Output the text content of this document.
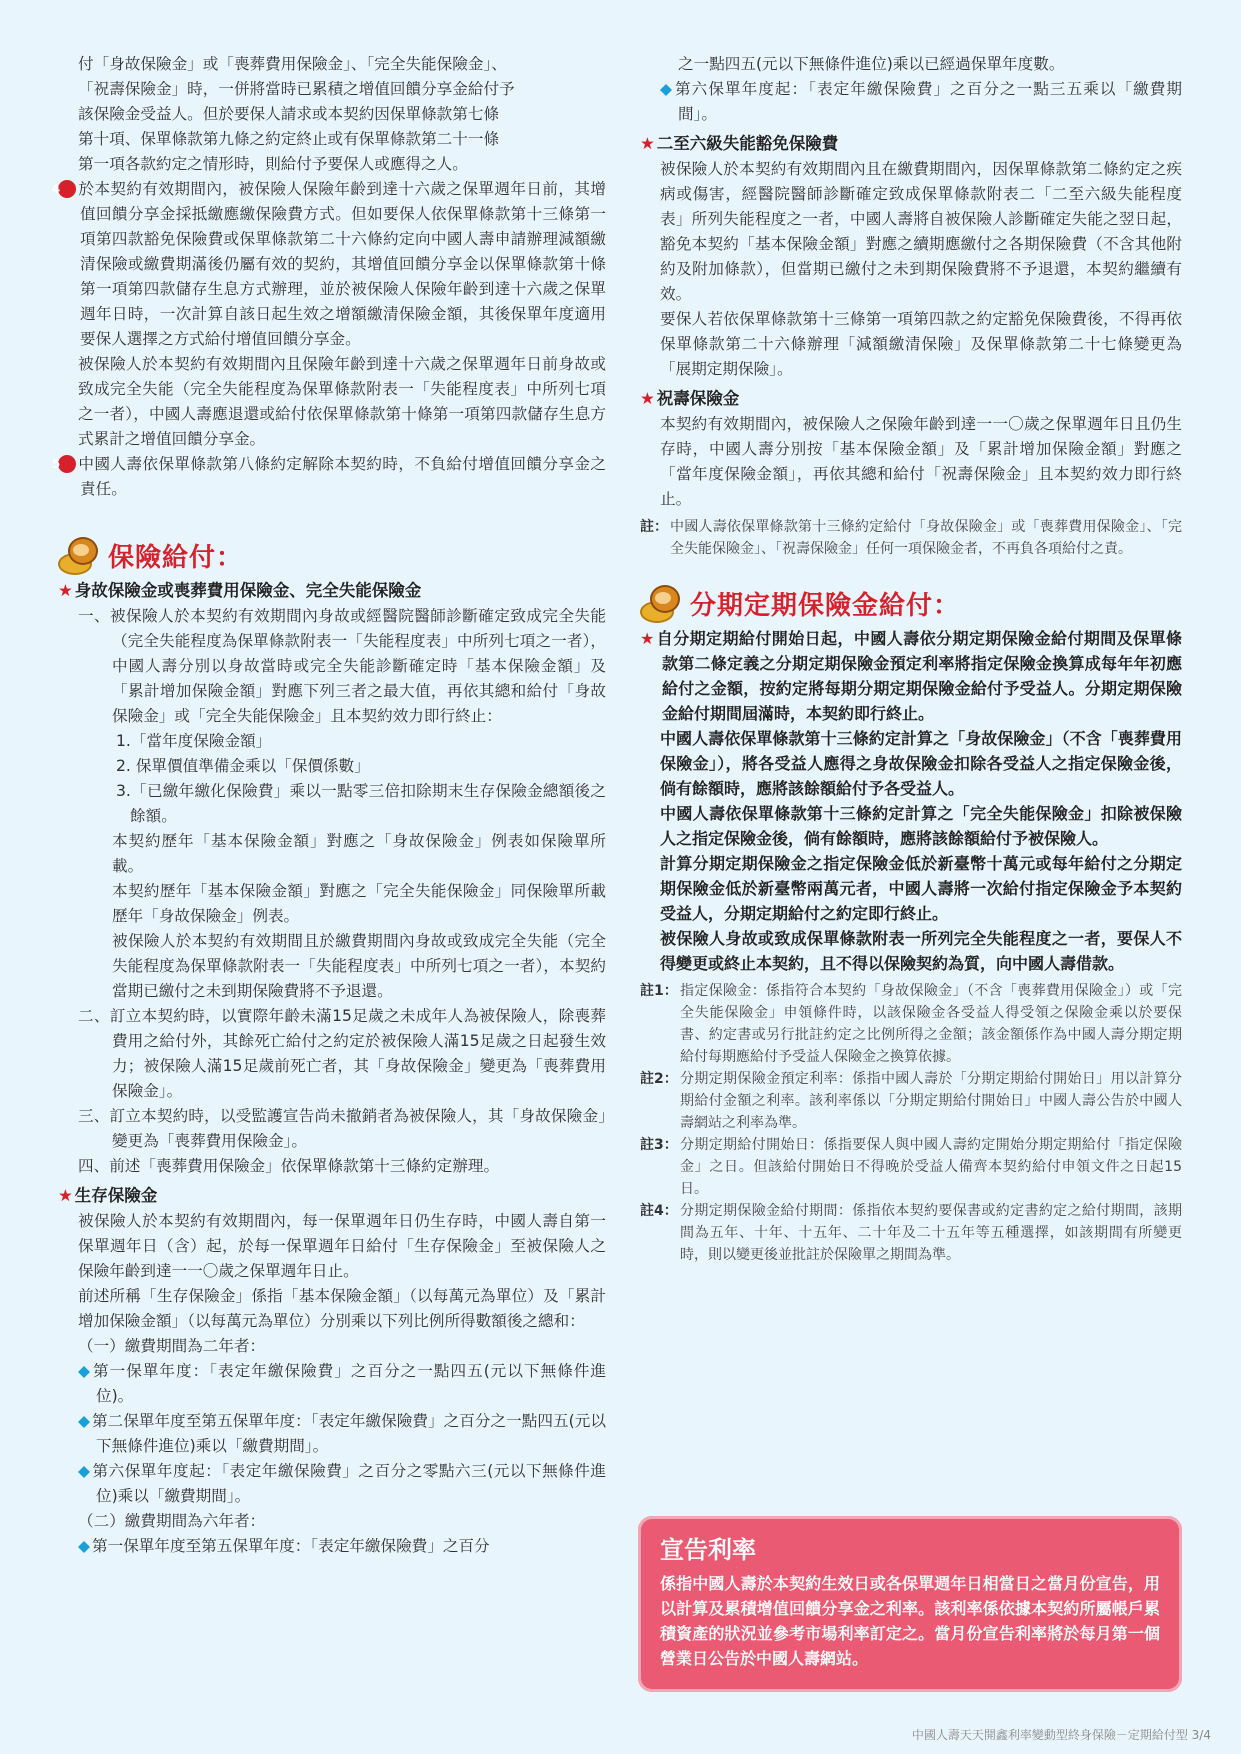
付「身故保險金」或「喪葬費用保險金」、「完全失能保險金」、

「祝壽保險金」時，一併將當時已累積之增值回饋分享金給付予

該保險金受益人。但於要保人請求或本契約因保單條款第七條

第十項、保單條款第九條之約定終止或有保單條款第二十一條

第一項各款約定之情形時，則給付予要保人或應得之人。

4 於本契約有效期間內，被保險人保險年齡到達十六歲之保單週年日前，其增值回饋分享金採抵繳應繳保險費方式。但如要保人依保單條款第十三條第一項第四款豁免保險費或保單條款第二十六條約定向中國人壽申請辦理減額繳清保險或繳費期滿後仍屬有效的契約，其增值回饋分享金以保單條款第十條第一項第四款儲存生息方式辦理，並於被保險人保險年齡到達十六歲之保單週年日時，一次計算自該日起生效之增額繳清保險金額，其後保單年度適用要保人選擇之方式給付增值回饋分享金。

被保險人於本契約有效期間內且保險年齡到達十六歲之保單週年日前身故或致成完全失能（完全失能程度為保單條款附表一「失能程度表」中所列七項之一者），中國人壽應退還或給付依保單條款第十條第一項第四款儲存生息方式累計之增值回饋分享金。

5 中國人壽依保單條款第八條約定解除本契約時，不負給付增值回饋分享金之責任。

保險給付：

★ 身故保險金或喪葬費用保險金、完全失能保險金

一、被保險人於本契約有效期間內身故或經醫院醫師診斷確定致成完全失能（完全失能程度為保單條款附表一「失能程度表」中所列七項之一者），中國人壽分別以身故當時或完全失能診斷確定時「基本保險金額」及「累計增加保險金額」對應下列三者之最大值，再依其總和給付「身故保險金」或「完全失能保險金」且本契約效力即行終止：

1.「當年度保險金額」

2. 保單價值準備金乘以「保價係數」

3.「已繳年繳化保險費」乘以一點零三倍扣除期末生存保險金總額後之餘額。

本契約歷年「基本保險金額」對應之「身故保險金」例表如保險單所載。

本契約歷年「基本保險金額」對應之「完全失能保險金」同保險單所載歷年「身故保險金」例表。

被保險人於本契約有效期間且於繳費期間內身故或致成完全失能（完全失能程度為保單條款附表一「失能程度表」中所列七項之一者），本契約當期已繳付之未到期保險費將不予退還。

二、訂立本契約時，以實際年齡未滿15足歲之未成年人為被保險人，除喪葬費用之給付外，其餘死亡給付之約定於被保險人滿15足歲之日起發生效力；被保險人滿15足歲前死亡者，其「身故保險金」變更為「喪葬費用保險金」。

三、訂立本契約時，以受監護宣告尚未撤銷者為被保險人，其「身故保險金」變更為「喪葬費用保險金」。

四、前述「喪葬費用保險金」依保單條款第十三條約定辦理。

★ 生存保險金

被保險人於本契約有效期間內，每一保單週年日仍生存時，中國人壽自第一保單週年日（含）起，於每一保單週年日給付「生存保險金」至被保險人之保險年齡到達一一〇歲之保單週年日止。

前述所稱「生存保險金」係指「基本保險金額」（以每萬元為單位）及「累計增加保險金額」（以每萬元為單位）分別乘以下列比例所得數額後之總和：

（一）繳費期間為二年者：

◆ 第一保單年度：「表定年繳保險費」之百分之一點四五(元以下無條件進位)。

◆ 第二保單年度至第五保單年度：「表定年繳保險費」之百分之一點四五(元以下無條件進位)乘以「繳費期間」。

◆ 第六保單年度起：「表定年繳保險費」之百分之零點六三(元以下無條件進位)乘以「繳費期間」。

（二）繳費期間為六年者：

◆ 第一保單年度至第五保單年度：「表定年繳保險費」之百分

之一點四五(元以下無條件進位)乘以已經過保單年度數。

◆ 第六保單年度起：「表定年繳保險費」之百分之一點三五乘以「繳費期間」。

★ 二至六級失能豁免保險費

被保險人於本契約有效期間內且在繳費期間內，因保單條款第二條約定之疾病或傷害，經醫院醫師診斷確定致成保單條款附表二「二至六級失能程度表」所列失能程度之一者，中國人壽將自被保險人診斷確定失能之翌日起，豁免本契約「基本保險金額」對應之續期應繳付之各期保險費（不含其他附約及附加條款），但當期已繳付之未到期保險費將不予退還，本契約繼續有效。

要保人若依保單條款第十三條第一項第四款之約定豁免保險費後，不得再依保單條款第二十六條辦理「減額繳清保險」及保單條款第二十七條變更為「展期定期保險」。

★ 祝壽保險金

本契約有效期間內，被保險人之保險年齡到達一一〇歲之保單週年日且仍生存時，中國人壽分別按「基本保險金額」及「累計增加保險金額」對應之「當年度保險金額」，再依其總和給付「祝壽保險金」且本契約效力即行終止。

註： 中國人壽依保單條款第十三條約定給付「身故保險金」或「喪葬費用保險金」、「完全失能保險金」、「祝壽保險金」任何一項保險金者，不再負各項給付之責。
分期定期保險金給付：

★ 自分期定期給付開始日起，中國人壽依分期定期保險金給付期間及保單條款第二條定義之分期定期保險金預定利率將指定保險金換算成每年年初應給付之金額，按約定將每期分期定期保險金給付予受益人。分期定期保險金給付期間屆滿時，本契約即行終止。

中國人壽依保單條款第十三條約定計算之「身故保險金」（不含「喪葬費用保險金」），將各受益人應得之身故保險金扣除各受益人之指定保險金後，倘有餘額時，應將該餘額給付予各受益人。

中國人壽依保單條款第十三條約定計算之「完全失能保險金」扣除被保險人之指定保險金後，倘有餘額時，應將該餘額給付予被保險人。

計算分期定期保險金之指定保險金低於新臺幣十萬元或每年給付之分期定期保險金低於新臺幣兩萬元者，中國人壽將一次給付指定保險金予本契約受益人，分期定期給付之約定即行終止。

被保險人身故或致成保單條款附表一所列完全失能程度之一者，要保人不得變更或終止本契約，且不得以保險契約為質，向中國人壽借款。

註1： 指定保險金：係指符合本契約「身故保險金」（不含「喪葬費用保險金」）或「完全失能保險金」申領條件時，以該保險金各受益人得受領之保險金乘以於要保書、約定書或另行批註約定之比例所得之金額；該金額係作為中國人壽分期定期給付每期應給付予受益人保險金之換算依據。
註2： 分期定期保險金預定利率：係指中國人壽於「分期定期給付開始日」用以計算分期給付金額之利率。該利率係以「分期定期給付開始日」中國人壽公告於中國人壽網站之利率為準。
註3： 分期定期給付開始日：係指要保人與中國人壽約定開始分期定期給付「指定保險金」之日。但該給付開始日不得晚於受益人備齊本契約給付申領文件之日起15日。
註4： 分期定期保險金給付期間：係指依本契約要保書或約定書約定之給付期間，該期間為五年、十年、十五年、二十年及二十五年等五種選擇，如該期間有所變更時，則以變更後並批註於保險單之期間為準。
宣告利率

係指中國人壽於本契約生效日或各保單週年日相當日之當月份宣告，用以計算及累積增值回饋分享金之利率。該利率係依據本契約所屬帳戶累積資產的狀況並參考市場利率訂定之。當月份宣告利率將於每月第一個營業日公告於中國人壽網站。

中國人壽天天開鑫利率變動型終身保險－定期給付型 3/4
